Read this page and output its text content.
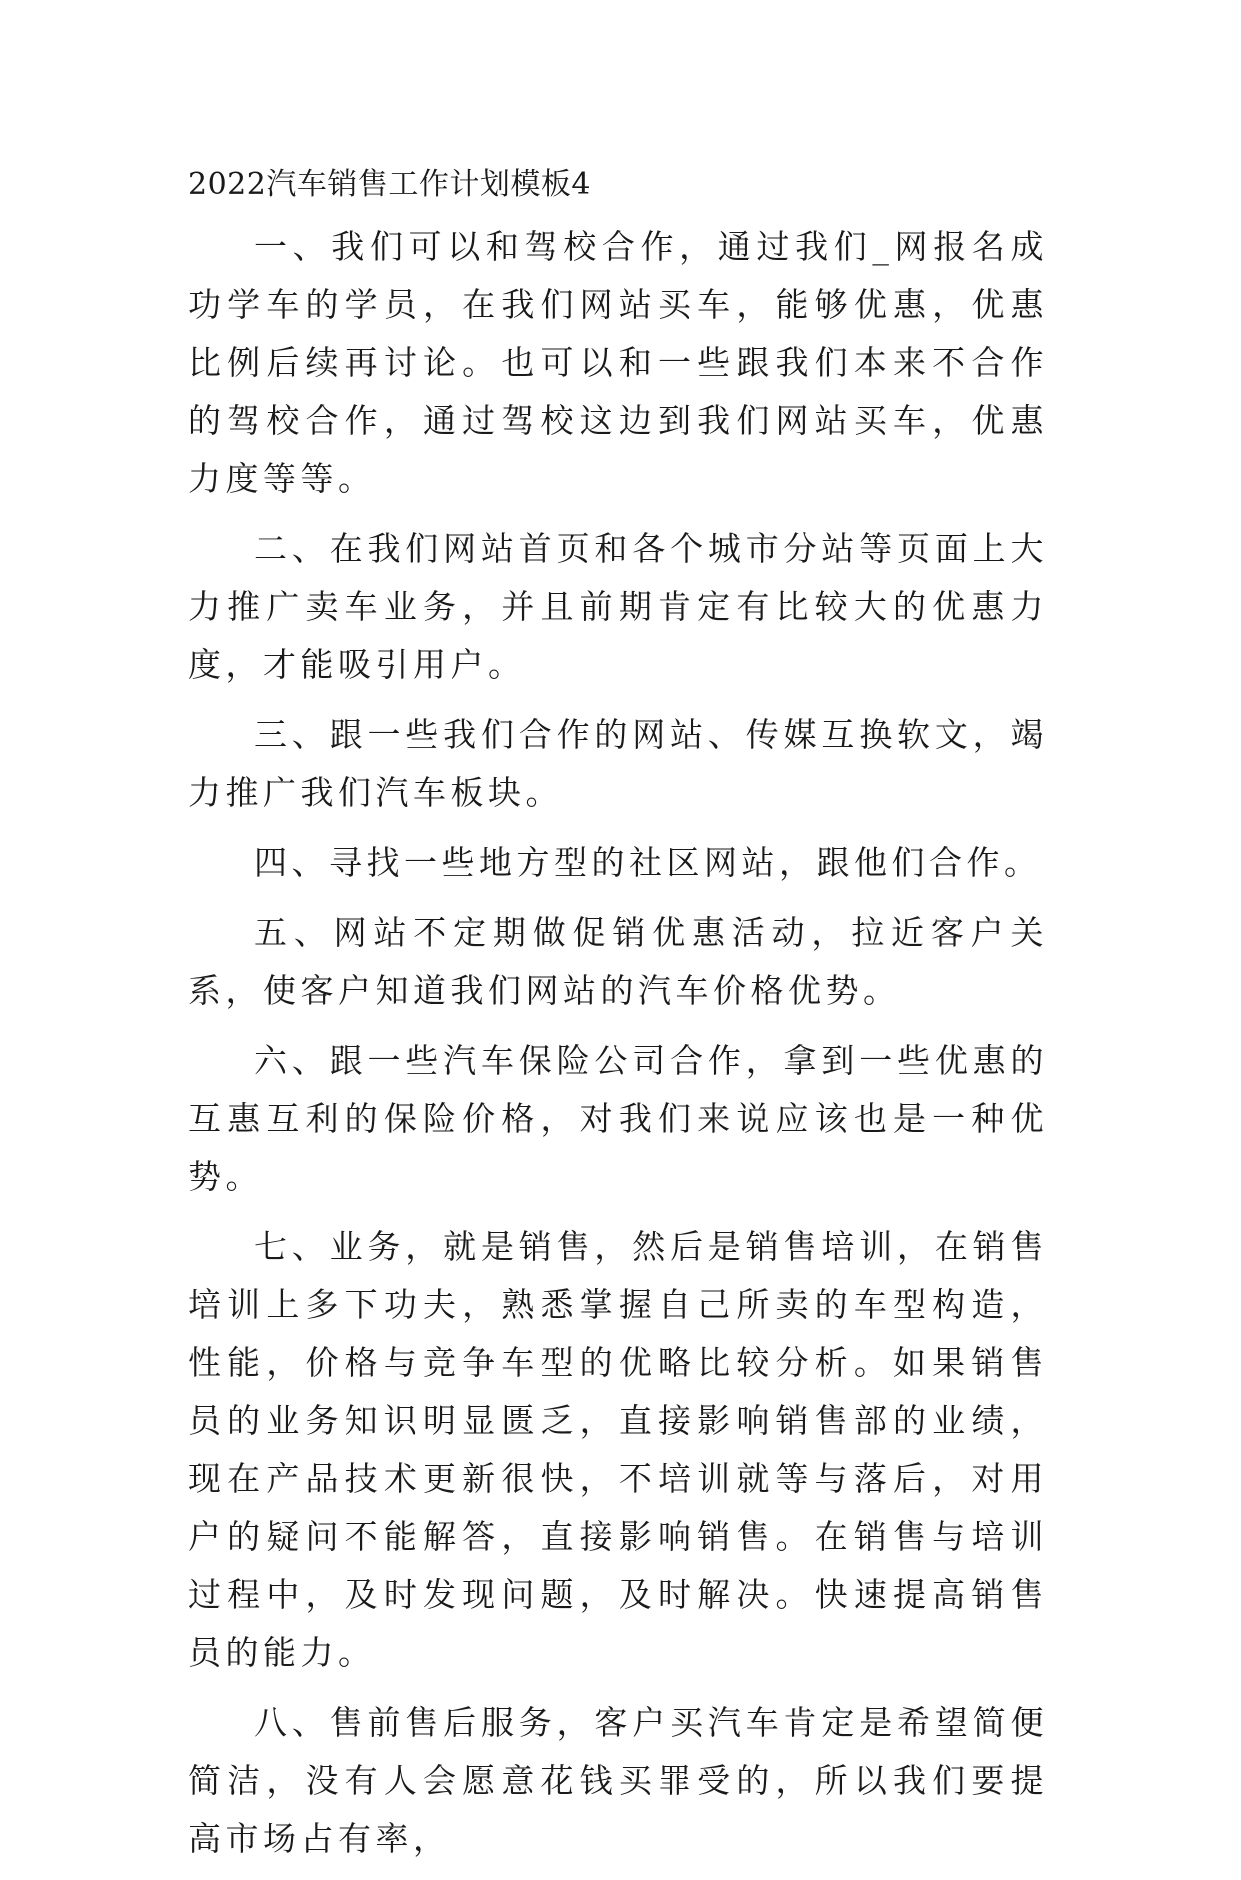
2022汽车销售工作计划模板4

一、我们可以和驾校合作，通过我们_网报名成功学车的学员，在我们网站买车，能够优惠，优惠比例后续再讨论。也可以和一些跟我们本来不合作的驾校合作，通过驾校这边到我们网站买车，优惠力度等等。

二、在我们网站首页和各个城市分站等页面上大力推广卖车业务，并且前期肯定有比较大的优惠力度，才能吸引用户。

三、跟一些我们合作的网站、传媒互换软文，竭力推广我们汽车板块。

四、寻找一些地方型的社区网站，跟他们合作。

五、网站不定期做促销优惠活动，拉近客户关系，使客户知道我们网站的汽车价格优势。

六、跟一些汽车保险公司合作，拿到一些优惠的互惠互利的保险价格，对我们来说应该也是一种优势。

七、业务，就是销售，然后是销售培训，在销售培训上多下功夫，熟悉掌握自己所卖的车型构造，性能，价格与竞争车型的优略比较分析。如果销售员的业务知识明显匮乏，直接影响销售部的业绩，现在产品技术更新很快，不培训就等与落后，对用户的疑问不能解答，直接影响销售。在销售与培训过程中，及时发现问题，及时解决。快速提高销售员的能力。

八、售前售后服务，客户买汽车肯定是希望简便简洁，没有人会愿意花钱买罪受的，所以我们要提高市场占有率，
